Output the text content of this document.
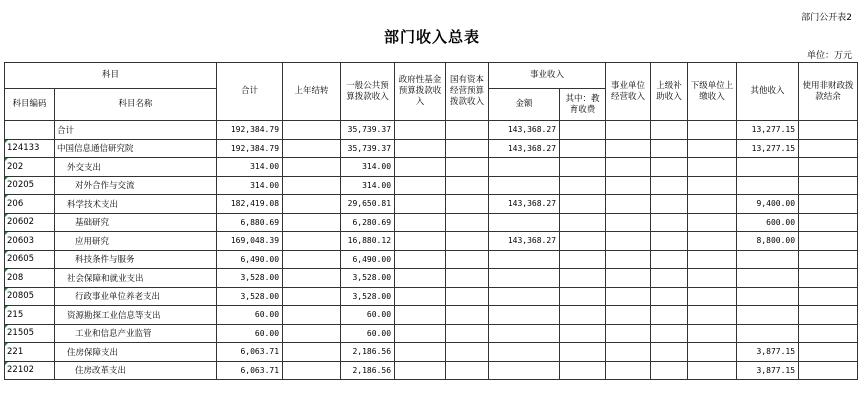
部门公开表2
部门收入总表
单位：万元
科目		合计	上年结转	一般公共预算拨款收入	政府性基金预算拨款收入	国有资本经营预算拨款收入	事业收入		事业单位经营收入	上级补助收入	下级单位上缴收入	其他收入	使用非财政拨款结余
科目编码	科目名称						金额	其中：教育收费					
	合计	192,384.79		35,739.37			143,368.27					13,277.15	
124133	中国信息通信研究院	192,384.79		35,739.37			143,368.27					13,277.15	
202	外交支出	314.00		314.00									
20205	对外合作与交流	314.00		314.00									
206	科学技术支出	182,419.08		29,650.81			143,368.27					9,400.00	
20602	基础研究	6,880.69		6,280.69								600.00	
20603	应用研究	169,048.39		16,880.12			143,368.27					8,800.00	
20605	科技条件与服务	6,490.00		6,490.00									
208	社会保障和就业支出	3,528.00		3,528.00									
20805	行政事业单位养老支出	3,528.00		3,528.00									
215	资源勘探工业信息等支出	60.00		60.00									
21505	工业和信息产业监管	60.00		60.00									
221	住房保障支出	6,063.71		2,186.56								3,877.15	
22102	住房改革支出	6,063.71		2,186.56								3,877.15	
